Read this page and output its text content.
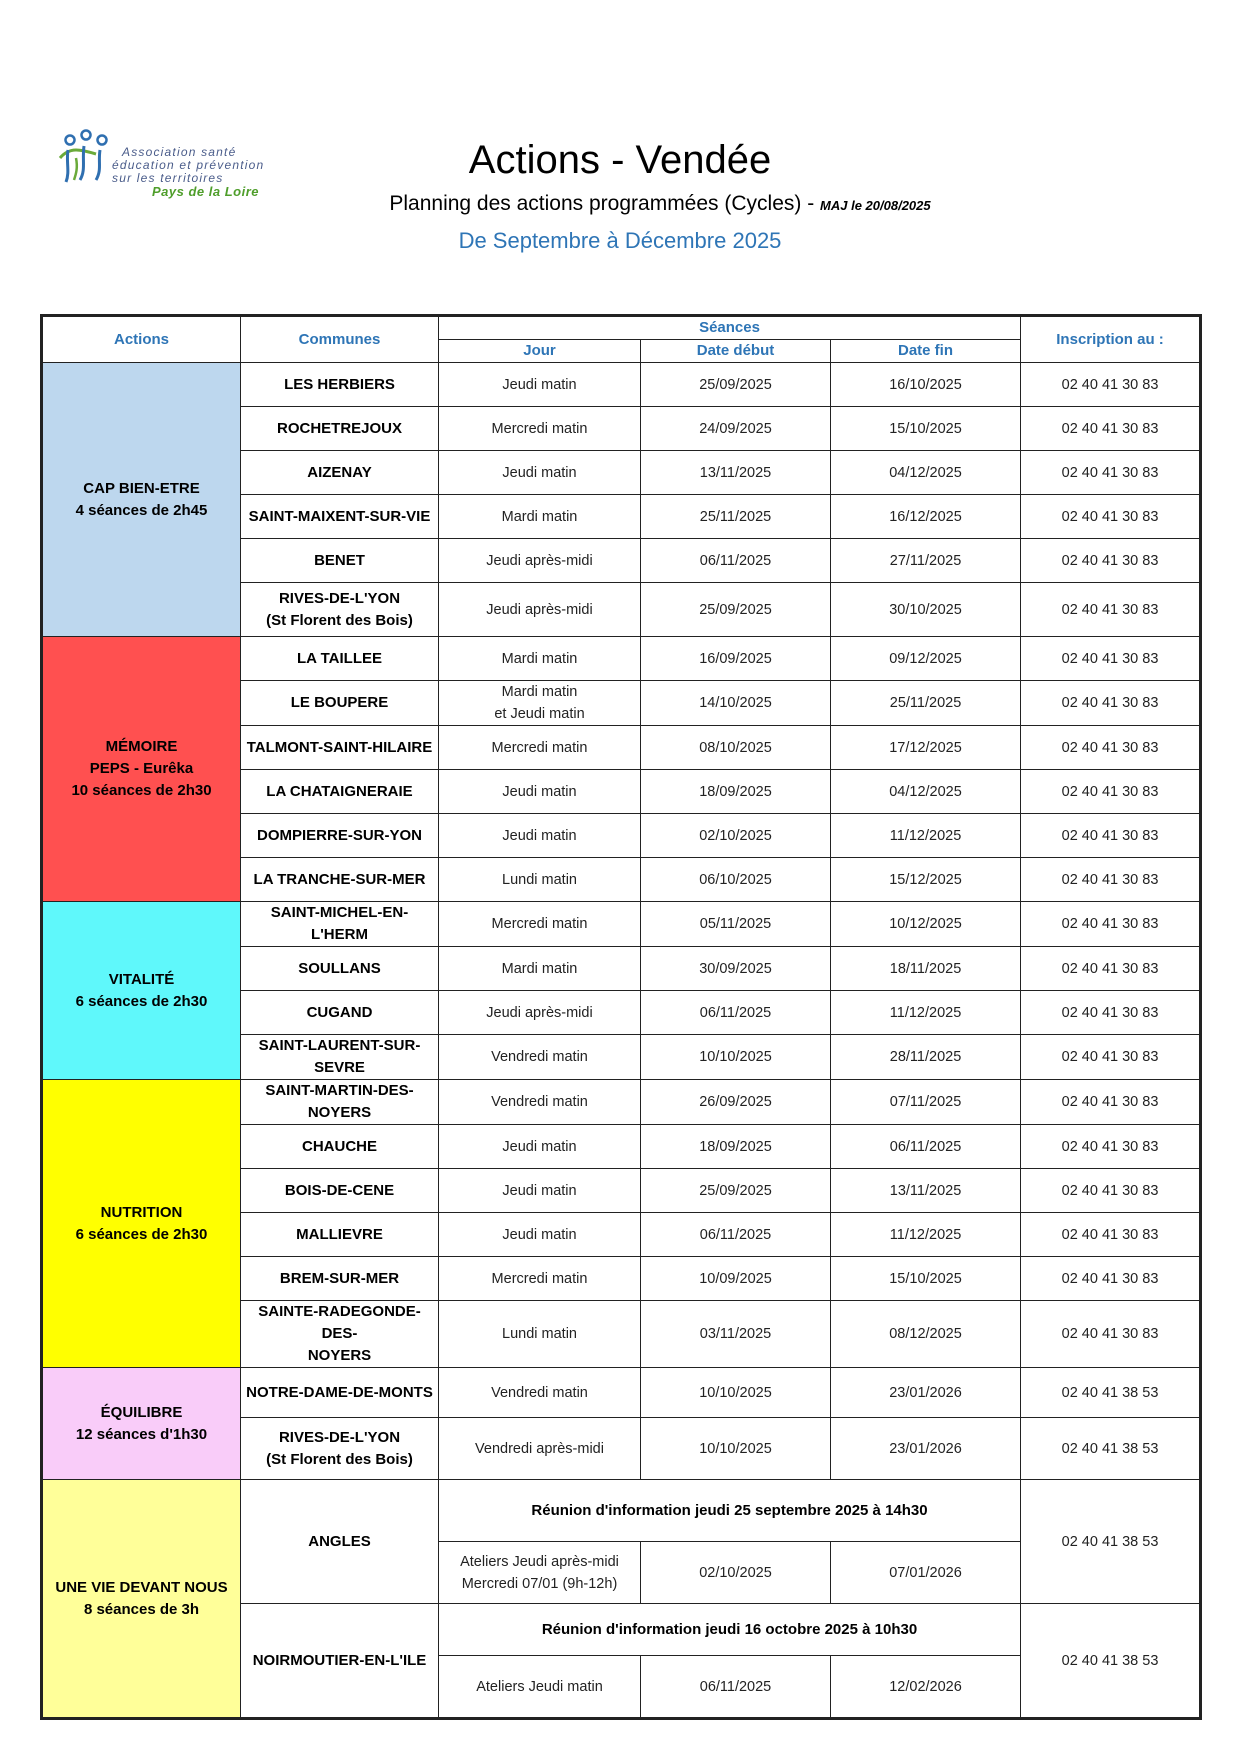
Association santé
éducation et prévention
sur les territoires
Pays de la Loire
Actions - Vendée
Planning des actions programmées (Cycles) - MAJ le 20/08/2025
De Septembre à Décembre 2025
Actions	Communes	Séances			Inscription au :
		Jour	Date début	Date fin	
CAP BIEN-ETRE
4 séances de 2h45	LES HERBIERS	Jeudi matin	25/09/2025	16/10/2025	02 40 41 30 83
	ROCHETREJOUX	Mercredi matin	24/09/2025	15/10/2025	02 40 41 30 83
	AIZENAY	Jeudi matin	13/11/2025	04/12/2025	02 40 41 30 83
	SAINT-MAIXENT-SUR-VIE	Mardi matin	25/11/2025	16/12/2025	02 40 41 30 83
	BENET	Jeudi après-midi	06/11/2025	27/11/2025	02 40 41 30 83
	RIVES-DE-L'YON
(St Florent des Bois)	Jeudi après-midi	25/09/2025	30/10/2025	02 40 41 30 83
MÉMOIRE
PEPS - Eurêka
10 séances de 2h30	LA TAILLEE	Mardi matin	16/09/2025	09/12/2025	02 40 41 30 83
	LE BOUPERE	Mardi matin
et Jeudi matin	14/10/2025	25/11/2025	02 40 41 30 83
	TALMONT-SAINT-HILAIRE	Mercredi matin	08/10/2025	17/12/2025	02 40 41 30 83
	LA CHATAIGNERAIE	Jeudi matin	18/09/2025	04/12/2025	02 40 41 30 83
	DOMPIERRE-SUR-YON	Jeudi matin	02/10/2025	11/12/2025	02 40 41 30 83
	LA TRANCHE-SUR-MER	Lundi matin	06/10/2025	15/12/2025	02 40 41 30 83
VITALITÉ
6 séances de 2h30	SAINT-MICHEL-EN-L'HERM	Mercredi matin	05/11/2025	10/12/2025	02 40 41 30 83
	SOULLANS	Mardi matin	30/09/2025	18/11/2025	02 40 41 30 83
	CUGAND	Jeudi après-midi	06/11/2025	11/12/2025	02 40 41 30 83
	SAINT-LAURENT-SUR-
SEVRE	Vendredi matin	10/10/2025	28/11/2025	02 40 41 30 83
NUTRITION
6 séances de 2h30	SAINT-MARTIN-DES-
NOYERS	Vendredi matin	26/09/2025	07/11/2025	02 40 41 30 83
	CHAUCHE	Jeudi matin	18/09/2025	06/11/2025	02 40 41 30 83
	BOIS-DE-CENE	Jeudi matin	25/09/2025	13/11/2025	02 40 41 30 83
	MALLIEVRE	Jeudi matin	06/11/2025	11/12/2025	02 40 41 30 83
	BREM-SUR-MER	Mercredi matin	10/09/2025	15/10/2025	02 40 41 30 83
	SAINTE-RADEGONDE-DES-
NOYERS	Lundi matin	03/11/2025	08/12/2025	02 40 41 30 83
ÉQUILIBRE
12 séances d'1h30	NOTRE-DAME-DE-MONTS	Vendredi matin	10/10/2025	23/01/2026	02 40 41 38 53
	RIVES-DE-L'YON
(St Florent des Bois)	Vendredi après-midi	10/10/2025	23/01/2026	02 40 41 38 53
UNE VIE DEVANT NOUS
8 séances de 3h	ANGLES	Réunion d'information jeudi 25 septembre 2025 à 14h30			02 40 41 38 53
		Ateliers Jeudi après-midi
Mercredi 07/01 (9h-12h)	02/10/2025	07/01/2026	
	NOIRMOUTIER-EN-L'ILE	Réunion d'information jeudi 16 octobre 2025 à 10h30			02 40 41 38 53
		Ateliers Jeudi matin	06/11/2025	12/02/2026	
